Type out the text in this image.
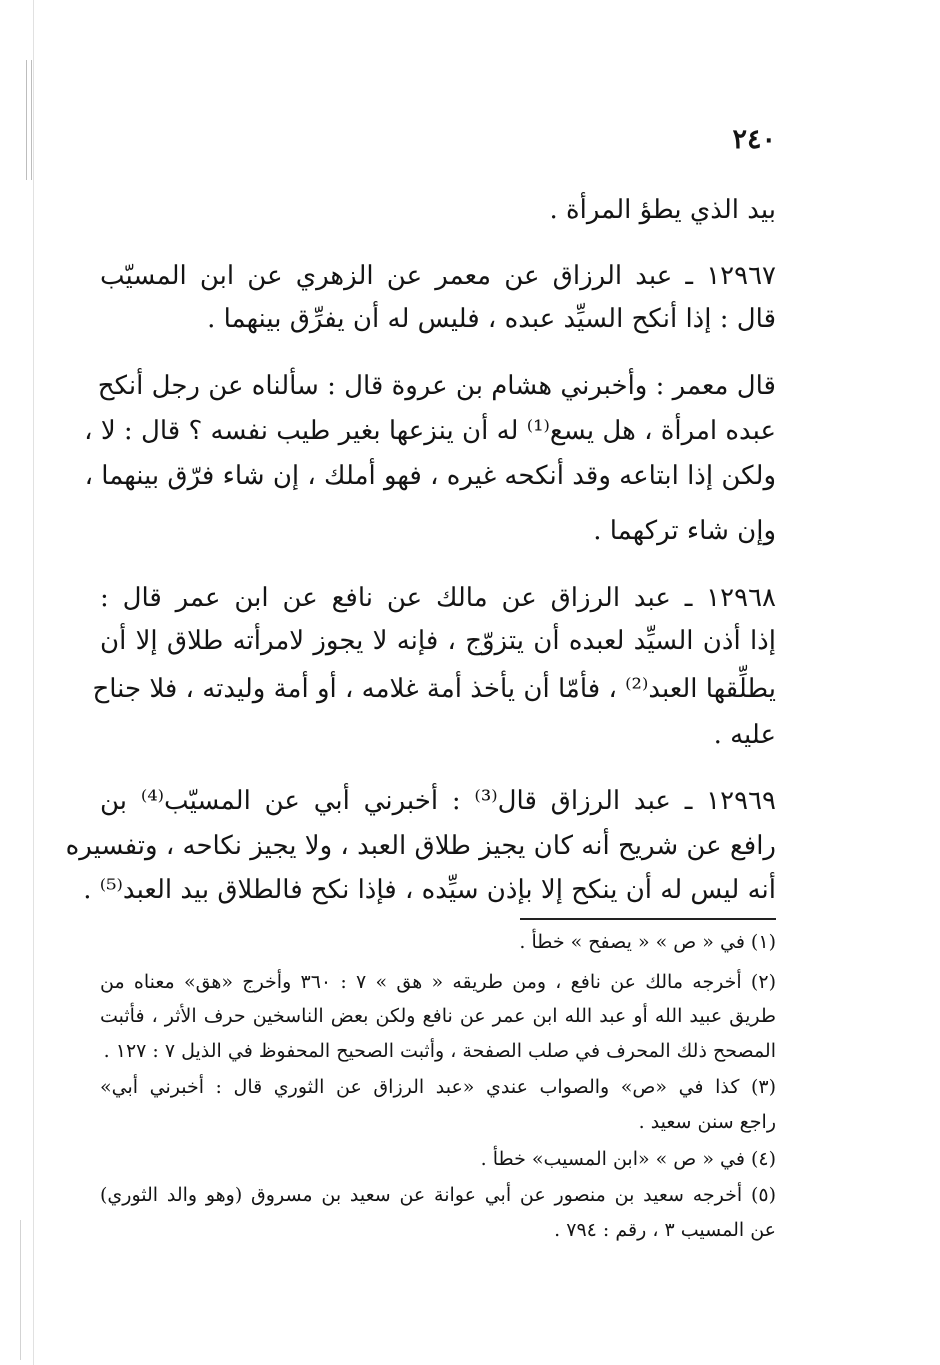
٢٤٠
بيد الذي يطؤ المرأة .
١٢٩٦٧ ـ عبد الرزاق عن معمر عن الزهري عن ابن المسيّب
قال : إذا أنكح السيِّد عبده ، فليس له أن يفرِّق بينهما .
قال معمر : وأخبرني هشام بن عروة قال : سألناه عن رجل أنكح
عبده امرأة ، هل يسع⁽¹⁾ له أن ينزعها بغير طيب نفسه ؟ قال : لا ،
ولكن إذا ابتاعه وقد أنكحه غيره ، فهو أملك ، إن شاء فرّق بينهما ،
وإن شاء تركهما .
١٢٩٦٨ ـ عبد الرزاق عن مالك عن نافع عن ابن عمر قال :
إذا أذن السيِّد لعبده أن يتزوّج ، فإنه لا يجوز لامرأته طلاق إلا أن
يطلِّقها العبد⁽²⁾ ، فأمّا أن يأخذ أمة غلامه ، أو أمة وليدته ، فلا جناح
عليه .
١٢٩٦٩ ـ عبد الرزاق قال⁽³⁾ : أخبرني أبي عن المسيّب⁽⁴⁾ بن
رافع عن شريح أنه كان يجيز طلاق العبد ، ولا يجيز نكاحه ، وتفسيره
أنه ليس له أن ينكح إلا بإذن سيِّده ، فإذا نكح فالطلاق بيد العبد⁽⁵⁾ .
(١) في « ص » « يصفح » خطأ .
(٢) أخرجه مالك عن نافع ، ومن طريقه « هق » ٧ : ٣٦٠ وأخرج «هق» معناه من
طريق عبيد الله أو عبد الله ابن عمر عن نافع ولكن بعض الناسخين حرف الأثر ، فأثبت
المصحح ذلك المحرف في صلب الصفحة ، وأثبت الصحيح المحفوظ في الذيل ٧ : ١٢٧ .
(٣) كذا في «ص» والصواب عندي «عبد الرزاق عن الثوري قال : أخبرني أبي»
راجع سنن سعيد .
(٤) في « ص » «ابن المسيب» خطأ .
(٥) أخرجه سعيد بن منصور عن أبي عوانة عن سعيد بن مسروق (وهو والد الثوري)
عن المسيب ٣ ، رقم : ٧٩٤ .
